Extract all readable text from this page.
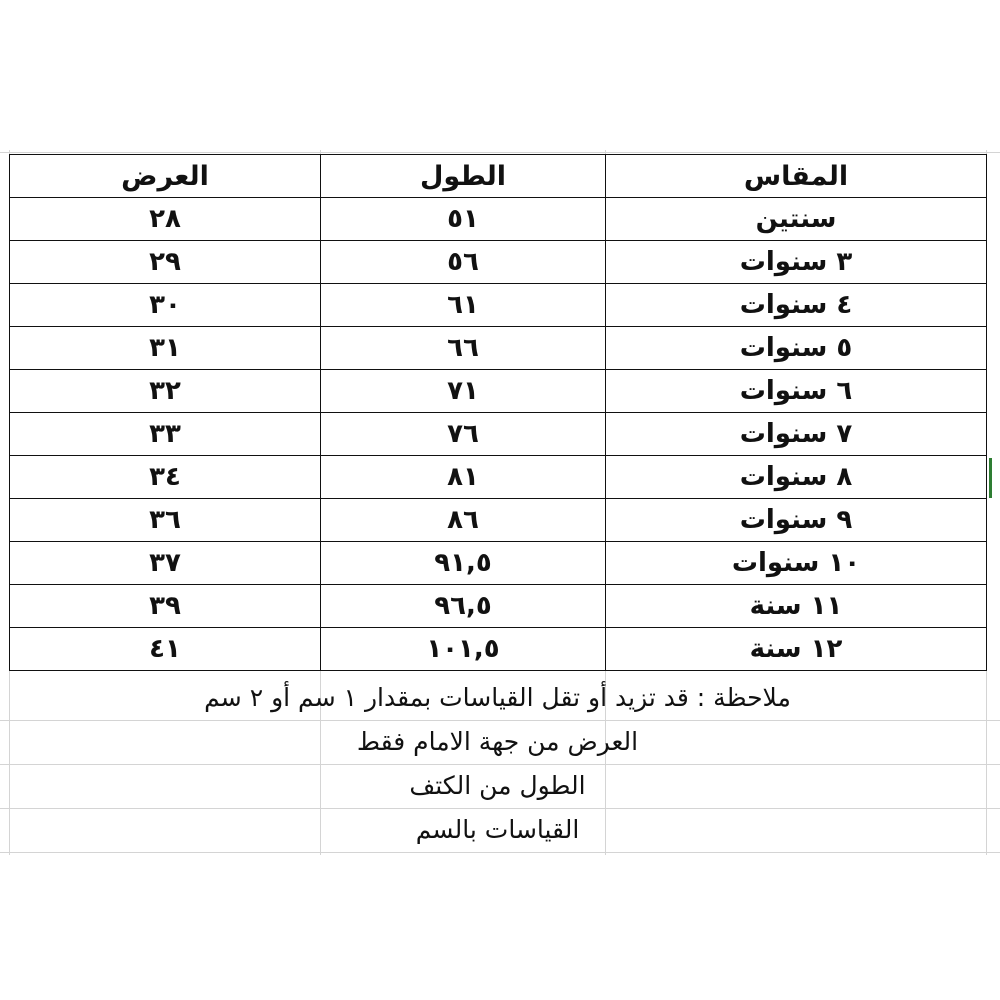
المقاس	الطول	العرض
سنتين	٥١	٢٨
٣ سنوات	٥٦	٢٩
٤ سنوات	٦١	٣٠
٥ سنوات	٦٦	٣١
٦ سنوات	٧١	٣٢
٧ سنوات	٧٦	٣٣
٨ سنوات	٨١	٣٤
٩ سنوات	٨٦	٣٦
١٠ سنوات	٩١,٥	٣٧
١١ سنة	٩٦,٥	٣٩
١٢ سنة	١٠١,٥	٤١
ملاحظة : قد تزيد أو تقل القياسات بمقدار ١ سم أو ٢ سم
العرض من جهة الامام فقط
الطول من الكتف
القياسات بالسم
